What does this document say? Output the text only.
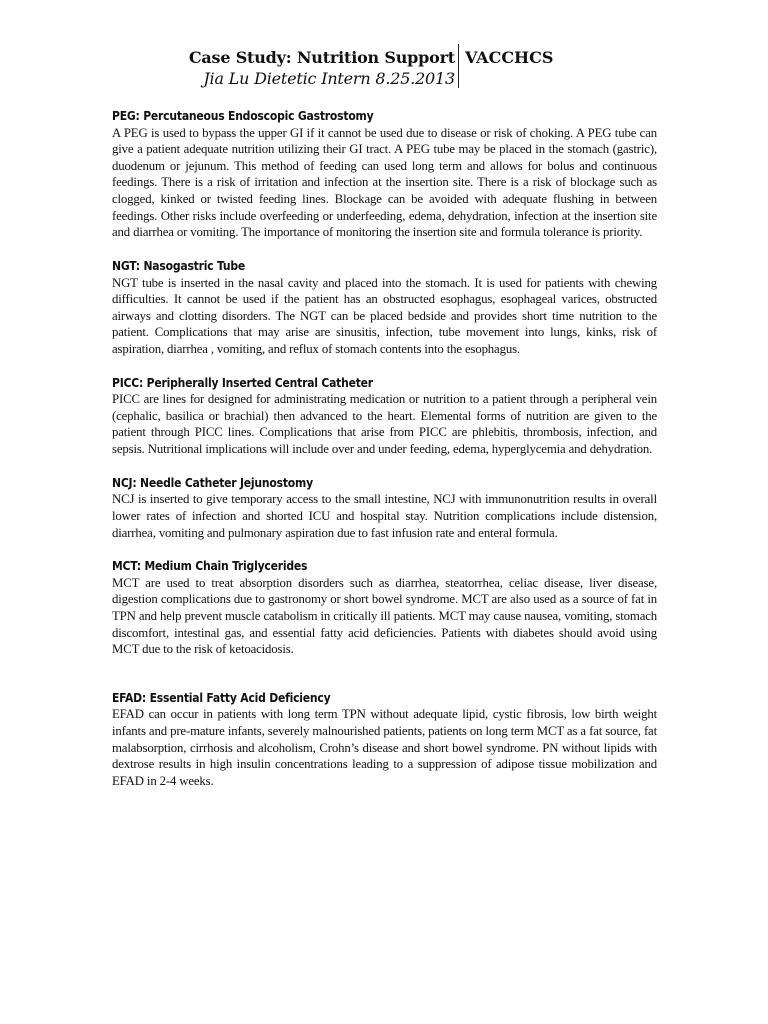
Case Study: Nutrition Support
Jia Lu Dietetic Intern 8.25.2013
VACCHCS

PEG: Percutaneous Endoscopic Gastrostomy

A PEG is used to bypass the upper GI if it cannot be used due to disease or risk of choking. A PEG tube can give a patient adequate nutrition utilizing their GI tract. A PEG tube may be placed in the stomach (gastric), duodenum or jejunum. This method of feeding can used long term and allows for bolus and continuous feedings. There is a risk of irritation and infection at the insertion site. There is a risk of blockage such as clogged, kinked or twisted feeding lines. Blockage can be avoided with adequate flushing in between feedings. Other risks include overfeeding or underfeeding, edema, dehydration, infection at the insertion site and diarrhea or vomiting. The importance of monitoring the insertion site and formula tolerance is priority.

NGT: Nasogastric Tube

NGT tube is inserted in the nasal cavity and placed into the stomach. It is used for patients with chewing difficulties. It cannot be used if the patient has an obstructed esophagus, esophageal varices, obstructed airways and clotting disorders. The NGT can be placed bedside and provides short time nutrition to the patient. Complications that may arise are sinusitis, infection, tube movement into lungs, kinks, risk of aspiration, diarrhea , vomiting, and reflux of stomach contents into the esophagus.

PICC: Peripherally Inserted Central Catheter

PICC are lines for designed for administrating medication or nutrition to a patient through a peripheral vein (cephalic, basilica or brachial) then advanced to the heart. Elemental forms of nutrition are given to the patient through PICC lines. Complications that arise from PICC are phlebitis, thrombosis, infection, and sepsis. Nutritional implications will include over and under feeding, edema, hyperglycemia and dehydration.

NCJ: Needle Catheter Jejunostomy

NCJ is inserted to give temporary access to the small intestine, NCJ with immunonutrition results in overall lower rates of infection and shorted ICU and hospital stay. Nutrition complications include distension, diarrhea, vomiting and pulmonary aspiration due to fast infusion rate and enteral formula.

MCT: Medium Chain Triglycerides

MCT are used to treat absorption disorders such as diarrhea, steatorrhea, celiac disease, liver disease, digestion complications due to gastronomy or short bowel syndrome. MCT are also used as a source of fat in TPN and help prevent muscle catabolism in critically ill patients. MCT may cause nausea, vomiting, stomach discomfort, intestinal gas, and essential fatty acid deficiencies. Patients with diabetes should avoid using MCT due to the risk of ketoacidosis.

EFAD: Essential Fatty Acid Deficiency

EFAD can occur in patients with long term TPN without adequate lipid, cystic fibrosis, low birth weight infants and pre-mature infants, severely malnourished patients, patients on long term MCT as a fat source, fat malabsorption, cirrhosis and alcoholism, Crohn’s disease and short bowel syndrome. PN without lipids with dextrose results in high insulin concentrations leading to a suppression of adipose tissue mobilization and EFAD in 2-4 weeks.
